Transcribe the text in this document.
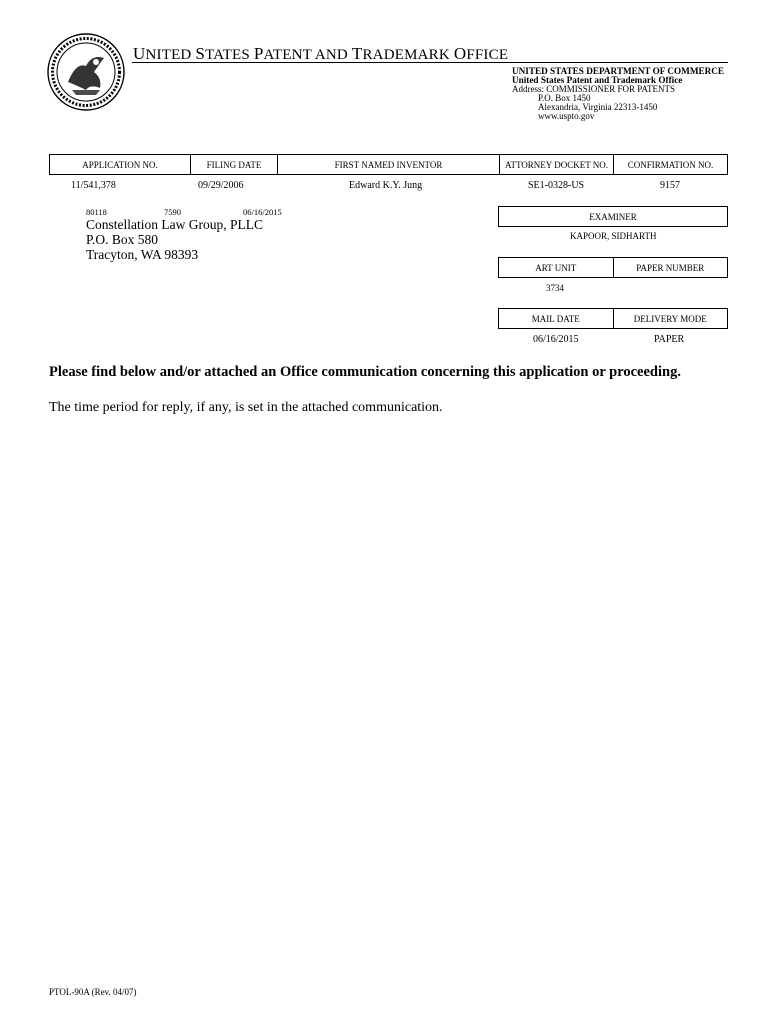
UNITED STATES PATENT AND TRADEMARK OFFICE
UNITED STATES DEPARTMENT OF COMMERCE
United States Patent and Trademark Office
Address: COMMISSIONER FOR PATENTS
P.O. Box 1450
Alexandria, Virginia 22313-1450
www.uspto.gov
APPLICATION NO.	FILING DATE	FIRST NAMED INVENTOR	ATTORNEY DOCKET NO.	CONFIRMATION NO.
11/541,378	09/29/2006	Edward K.Y. Jung	SE1-0328-US	9157
80118	7590	06/16/2015
Constellation Law Group, PLLC
P.O. Box 580
Tracyton, WA 98393
EXAMINER
KAPOOR, SIDHARTH
ART UNIT	PAPER NUMBER
3734
MAIL DATE	DELIVERY MODE
06/16/2015	PAPER
Please find below and/or attached an Office communication concerning this application or proceeding.
The time period for reply, if any, is set in the attached communication.
PTOL-90A (Rev. 04/07)
